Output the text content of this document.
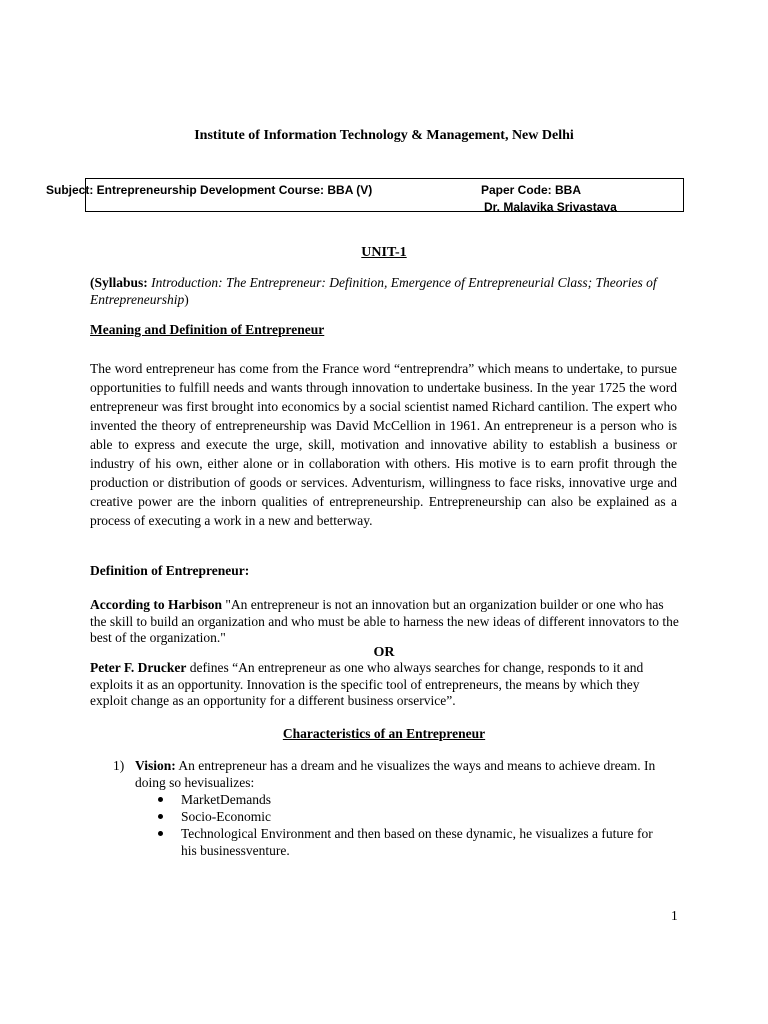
Institute of Information Technology & Management, New Delhi
Subject: Entrepreneurship Development Course: BBA (V)	Paper Code: BBA
Dr. Malavika Srivastava
UNIT-1
(Syllabus: Introduction: The Entrepreneur: Definition, Emergence of Entrepreneurial Class; Theories of Entrepreneurship)
Meaning and Definition of Entrepreneur
The word entrepreneur has come from the France word “entreprendra” which means to undertake, to pursue opportunities to fulfill needs and wants through innovation to undertake business. In the year 1725 the word entrepreneur was first brought into economics by a social scientist named Richard cantilion. The expert who invented the theory of entrepreneurship was David McCellion in 1961. An entrepreneur is a person who is able to express and execute the urge, skill, motivation and innovative ability to establish a business or industry of his own, either alone or in collaboration with others. His motive is to earn profit through the production or distribution of goods or services. Adventurism, willingness to face risks, innovative urge and creative power are the inborn qualities of entrepreneurship. Entrepreneurship can also be explained as a process of executing a work in a new and betterway.
Definition of Entrepreneur:
According to Harbison "An entrepreneur is not an innovation but an organization builder or one who has the skill to build an organization and who must be able to harness the new ideas of different innovators to the best of the organization."
OR
Peter F. Drucker defines “An entrepreneur as one who always searches for change, responds to it and exploits it as an opportunity. Innovation is the specific tool of entrepreneurs, the means by which they exploit change as an opportunity for a different business orservice”.
Characteristics of an Entrepreneur
1) Vision: An entrepreneur has a dream and he visualizes the ways and means to achieve dream. In doing so hevisualizes:
MarketDemands
Socio-Economic
Technological Environment and then based on these dynamic, he visualizes a future for his businessventure.
1
